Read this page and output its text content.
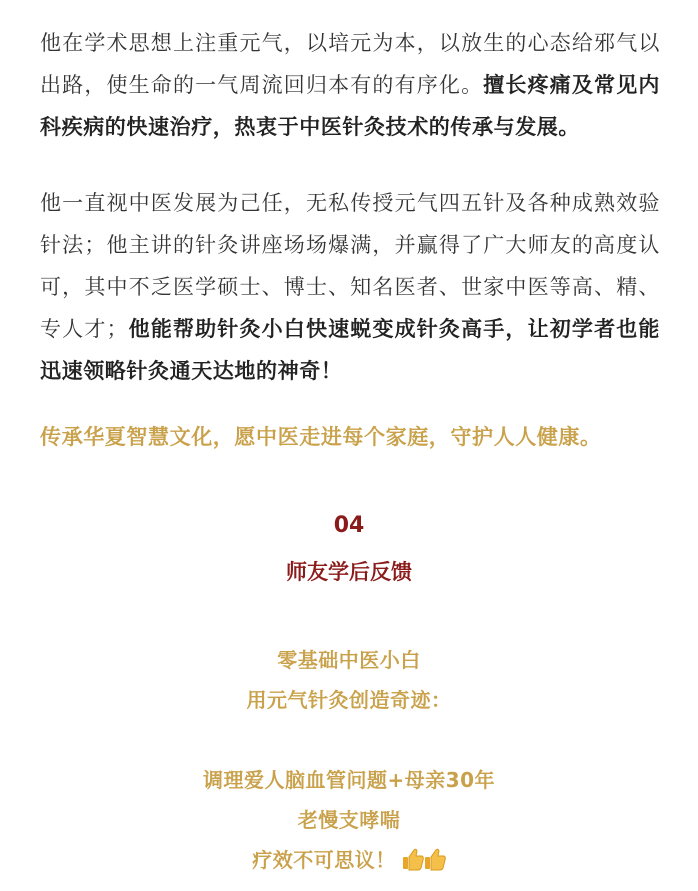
他在学术思想上注重元气，以培元为本，以放生的心态给邪气以出路，使生命的一气周流回归本有的有序化。擅长疼痛及常见内科疾病的快速治疗，热衷于中医针灸技术的传承与发展。

他一直视中医发展为己任，无私传授元气四五针及各种成熟效验针法；他主讲的针灸讲座场场爆满，并赢得了广大师友的高度认可，其中不乏医学硕士、博士、知名医者、世家中医等高、精、专人才；他能帮助针灸小白快速蜕变成针灸高手，让初学者也能迅速领略针灸通天达地的神奇！

传承华夏智慧文化，愿中医走进每个家庭，守护人人健康。

04

师友学后反馈

零基础中医小白

用元气针灸创造奇迹：

调理爱人脑血管问题+母亲30年

老慢支哮喘

疗效不可思议！
